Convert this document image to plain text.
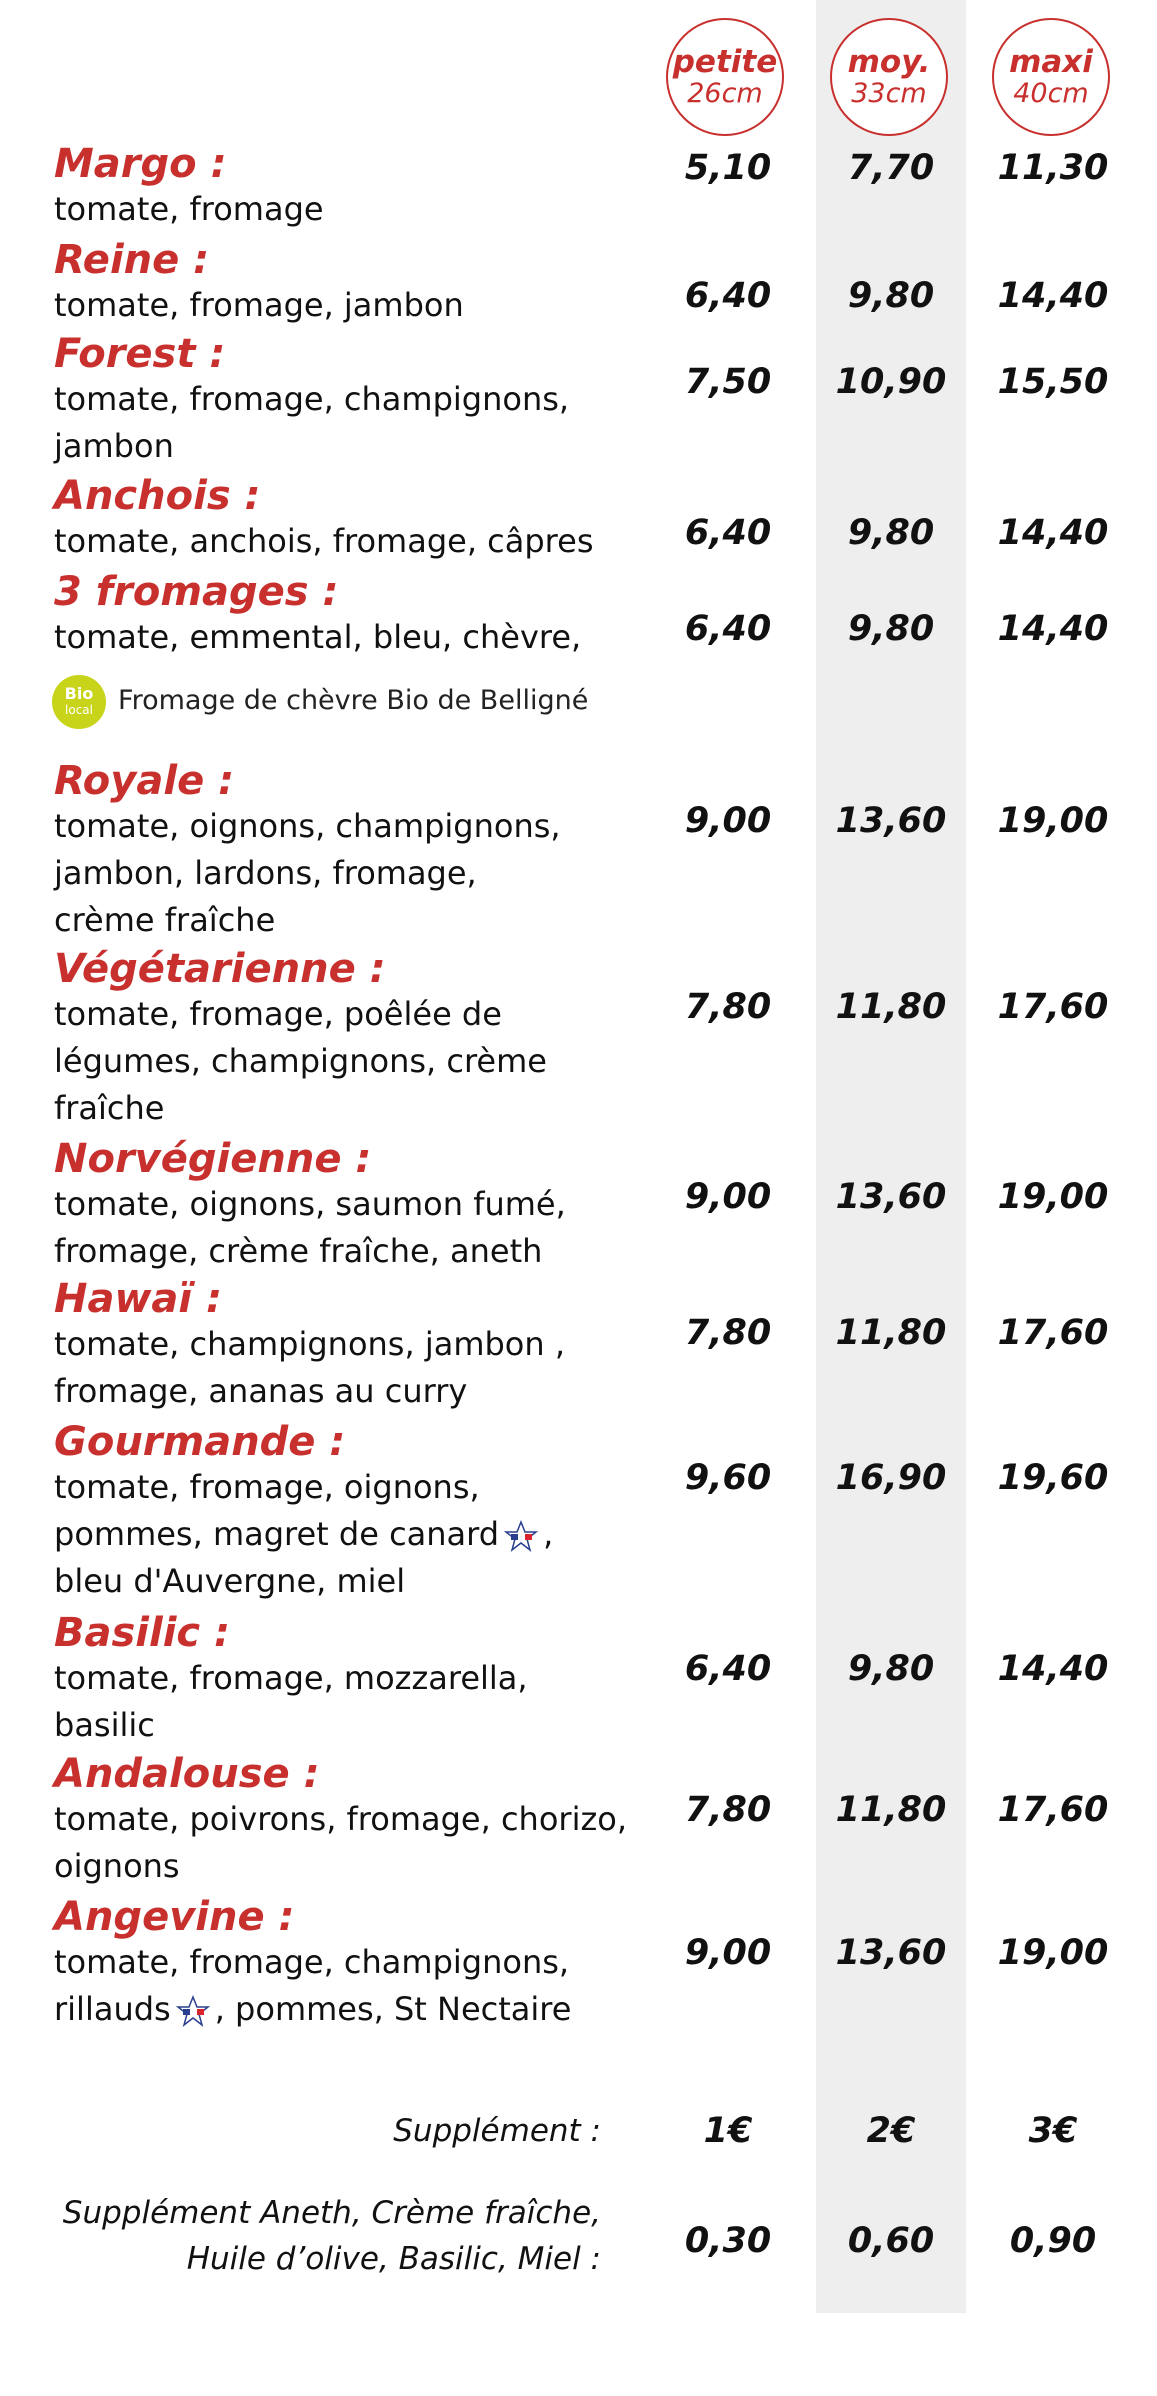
petite
26cm
moy.
33cm
maxi
40cm
Margo :
tomate, fromage
5,10	7,70	11,30
Reine :
tomate, fromage, jambon	6,40	9,80	14,40
Forest :
tomate, fromage, champignons,
jambon
7,50	10,90	15,50
Anchois :
tomate, anchois, fromage, câpres	6,40	9,80	14,40
3 fromages :
tomate, emmental, bleu, chèvre,	6,40	9,80	14,40
Royale :
tomate, oignons, champignons,
jambon, lardons, fromage,
crème fraîche
9,00	13,60	19,00
Végétarienne :
tomate, fromage, poêlée de
légumes, champignons, crème
fraîche
7,80	11,80	17,60
Norvégienne :
tomate, oignons, saumon fumé,
fromage, crème fraîche, aneth
9,00	13,60	19,00
Hawaï :
tomate, champignons, jambon ,
fromage, ananas au curry
7,80	11,80	17,60
Gourmande :
tomate, fromage, oignons,
pommes, magret de canard ,
bleu d'Auvergne, miel
9,60	16,90	19,60
Basilic :
tomate, fromage, mozzarella,
basilic
6,40	9,80	14,40
Andalouse :
tomate, poivrons, fromage, chorizo,
oignons
7,80	11,80	17,60
Angevine :
tomate, fromage, champignons,
rillauds , pommes, St Nectaire
9,00	13,60	19,00
Bio
local Fromage de chèvre Bio de Belligné
Supplément :	1€	2€	3€
Supplément Aneth, Crème fraîche,
Huile d’olive, Basilic, Miel :	0,30	0,60	0,90
